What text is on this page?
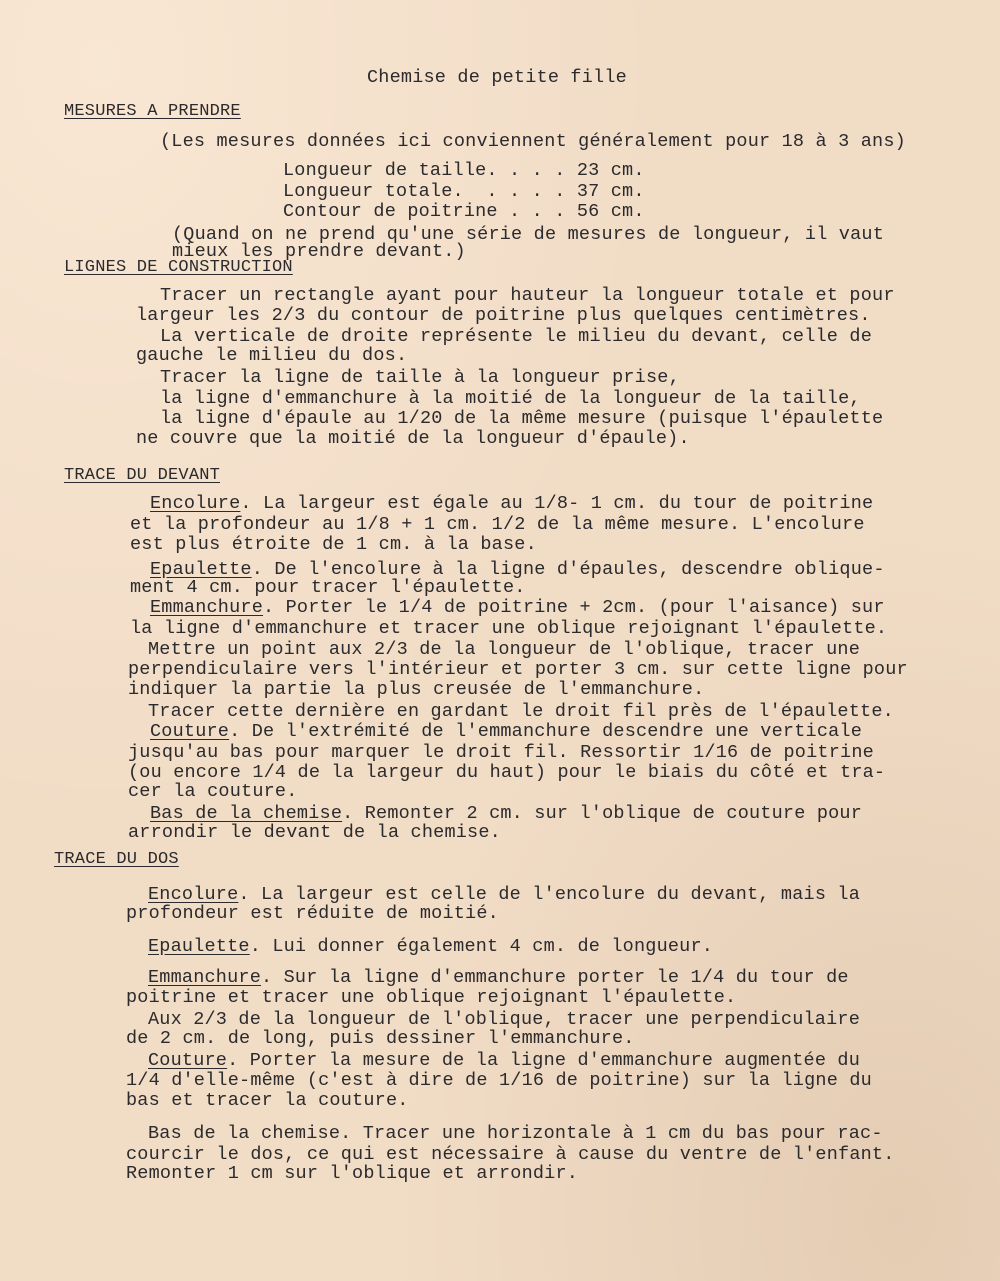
Chemise de petite fille
MESURES A PRENDRE
(Les mesures données ici conviennent généralement pour 18 à 3 ans)
Longueur de taille. . . . 23 cm.
Longueur totale.  . . . . 37 cm.
Contour de poitrine . . . 56 cm.
(Quand on ne prend qu'une série de mesures de longueur, il vaut
mieux les prendre devant.)
LIGNES DE CONSTRUCTION
Tracer un rectangle ayant pour hauteur la longueur totale et pour
largeur les 2/3 du contour de poitrine plus quelques centimètres.
La verticale de droite représente le milieu du devant, celle de
gauche le milieu du dos.
Tracer la ligne de taille à la longueur prise,
la ligne d'emmanchure à la moitié de la longueur de la taille,
la ligne d'épaule au 1/20 de la même mesure (puisque l'épaulette
ne couvre que la moitié de la longueur d'épaule).
TRACE DU DEVANT
Encolure. La largeur est égale au 1/8- 1 cm. du tour de poitrine
et la profondeur au 1/8 + 1 cm. 1/2 de la même mesure. L'encolure
est plus étroite de 1 cm. à la base.
Epaulette. De l'encolure à la ligne d'épaules, descendre oblique-
ment 4 cm. pour tracer l'épaulette.
Emmanchure. Porter le 1/4 de poitrine + 2cm. (pour l'aisance) sur
la ligne d'emmanchure et tracer une oblique rejoignant l'épaulette.
Mettre un point aux 2/3 de la longueur de l'oblique, tracer une
perpendiculaire vers l'intérieur et porter 3 cm. sur cette ligne pour
indiquer la partie la plus creusée de l'emmanchure.
Tracer cette dernière en gardant le droit fil près de l'épaulette.
Couture. De l'extrémité de l'emmanchure descendre une verticale
jusqu'au bas pour marquer le droit fil. Ressortir 1/16 de poitrine
(ou encore 1/4 de la largeur du haut) pour le biais du côté et tra-
cer la couture.
Bas de la chemise. Remonter 2 cm. sur l'oblique de couture pour
arrondir le devant de la chemise.
TRACE DU DOS
Encolure. La largeur est celle de l'encolure du devant, mais la
profondeur est réduite de moitié.
Epaulette. Lui donner également 4 cm. de longueur.
Emmanchure. Sur la ligne d'emmanchure porter le 1/4 du tour de
poitrine et tracer une oblique rejoignant l'épaulette.
Aux 2/3 de la longueur de l'oblique, tracer une perpendiculaire
de 2 cm. de long, puis dessiner l'emmanchure.
Couture. Porter la mesure de la ligne d'emmanchure augmentée du
1/4 d'elle-même (c'est à dire de 1/16 de poitrine) sur la ligne du
bas et tracer la couture.
Bas de la chemise. Tracer une horizontale à 1 cm du bas pour rac-
courcir le dos, ce qui est nécessaire à cause du ventre de l'enfant.
Remonter 1 cm sur l'oblique et arrondir.
